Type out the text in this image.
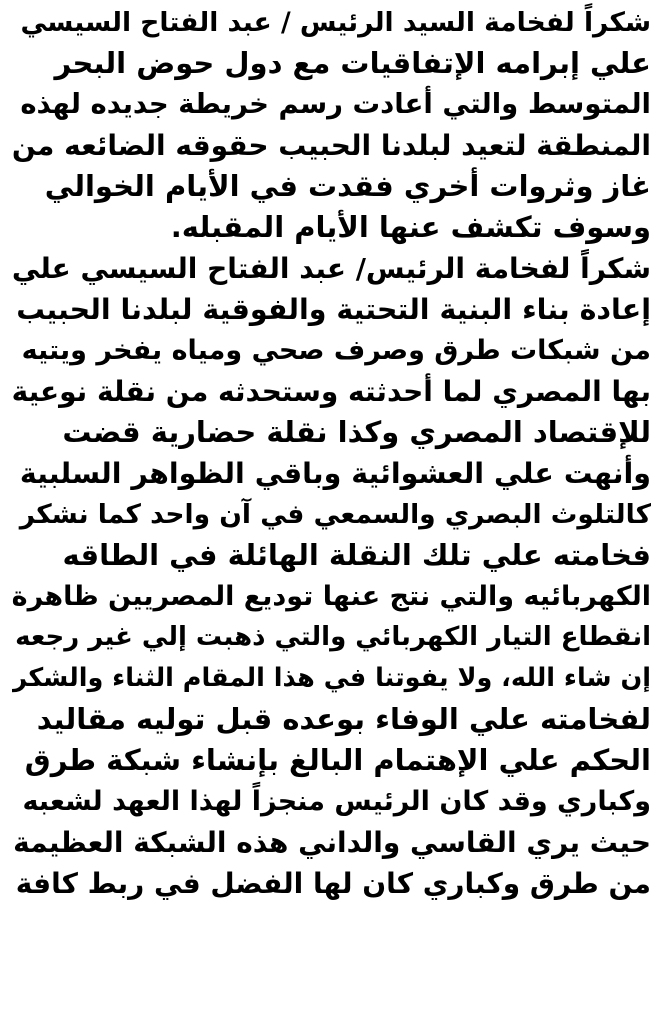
شكراً لفخامة السيد الرئيس / عبد الفتاح السيسي
علي إبرامه الإتفاقيات مع دول حوض البحر
المتوسط والتي أعادت رسم خريطة جديده لهذه
المنطقة لتعيد لبلدنا الحبيب حقوقه الضائعه من
غاز وثروات أخري فقدت في الأيام الخوالي
وسوف تكشف عنها الأيام المقبله.
شكراً لفخامة الرئيس/ عبد الفتاح السيسي علي
إعادة بناء البنية التحتية والفوقية لبلدنا الحبيب
من شبكات طرق وصرف صحي ومياه يفخر ويتيه
بها المصري لما أحدثته وستحدثه من نقلة نوعية
للإقتصاد المصري وكذا نقلة حضارية قضت
وأنهت علي العشوائية وباقي الظواهر السلبية
كالتلوث البصري والسمعي في آن واحد كما نشكر
فخامته علي تلك النقلة الهائلة في الطاقه
الكهربائيه والتي نتج عنها توديع المصريين ظاهرة
انقطاع التيار الكهربائي والتي ذهبت إلي غير رجعه
إن شاء الله، ولا يفوتنا في هذا المقام الثناء والشكر
لفخامته علي الوفاء بوعده قبل توليه مقاليد
الحكم علي الإهتمام البالغ بإنشاء شبكة طرق
وكباري وقد كان الرئيس منجزاً لهذا العهد لشعبه
حيث يري القاسي والداني هذه الشبكة العظيمة
من طرق وكباري كان لها الفضل في ربط كافة
